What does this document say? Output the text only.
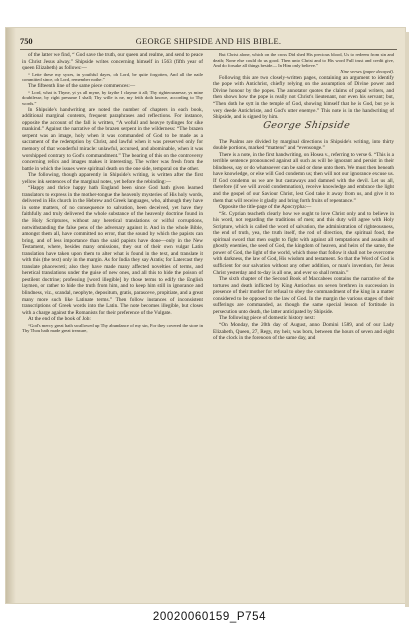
750	GEORGE SHIPSIDE AND HIS BIBLE.

of the latter we find, “ God save the truth, our queen and realme, and send to peace in Christ Jesus alway.” Shipside writes concerning himself in 1563 (fifth year of queen Elizabeth) as follows:—

“ Lette these my syxes, in youthful dayes, oh Lord, be quite forgotten, And all the naile committed since, oh Lord, remember nothe.”

The fifteenth line of the same piece commences:—

“ Lord, what is Thyne, yt ys all myne, by faythe I clayme it all; Thy righteousnesse, ys mine doubtlesse, by right presume I shall; Thy wille is ne, my feith doth knowe, according to Thy words.”

In Shipside's handwriting are noted the number of chapters in each book, additional marginal contents, frequent paraphrases and reflections. For instance, opposite the account of the fall is written, “A wofull and heavye tydinges for sike mankind.” Against the narrative of the brazen serpent in the wilderness: “The brazen serpent was an image, holy when it was commanded of God to be made as a sacrament of the redemption by Christ, and lawful when it was preserved only for memory of that wonderful miracle: unlawful, accursed, and abominable, when it was worshipped contrary to God's commandment.” The bearing of this on the controversy concerning relics and images makes it interesting. The writer was fresh from the battle in which the issues were spiritual death on the one side, temporal on the other.

The following, though apparently in Shipside's writing, is written after the first yellow ink sentences of the marginal notes, yet before the rebinding:—

“Happy and thrice happy hath England been since God hath given learned translators to express in the mother-tongue the heavenly mysteries of His holy words, delivered in His church in the Hebrew and Greek languages, who, although they have in some matters, of no consequence to salvation, been deceived, yet have they faithfully and truly delivered the whole substance of the heavenly doctrine found in the Holy Scriptures, without any heretical translations or wilful corruptions, notwithstanding the false pens of the adversary against it. And in the whole Bible, amongst them all, have committed no error, that the sound by which the papists can bring, and of less importance than the said papists have done—only in the New Testament, where, besides many omissions, they out of their own vulgar Latin translation have taken upon them to alter what is found in the text, and translate it with this (the text) only in the margin. As for India they say Aratis; for Latercast they translate phacewreti; also they have made many affected novelties of terms, and heretical translations under the guise of new ones, and all this to hide the poison of pestilent doctrine; professing [word illegible] by those terms to edify the English laymen, or rather to hide the truth from him, and to keep him still in ignorance and blindness, viz., scandal, neophyte, depositum, gratis, parasceve, propitiate, and a great many more such like Latinate terms.” Then follow instances of inconsistent transcriptions of Greek words into the Latin. The note becomes illegible, but closes with a charge against the Romanists for their preference of the Vulgate.

At the end of the book of Job:

“God's mercy great hath swallowed up Thy abundance of my sin, For they covered the store in Thy Thou hath made great treasure,

But Christ alone, which on the cross Did shed His precious blood, Us to redeem from sin and death; None else could do us good. Then unto Christ and to His word Full trust and credit give, And do forsake all things beside— In Him only believe.”

Nine verses (paper decayed).

Following this are two closely-written pages, containing an argument to identify the pope with Antichrist, chiefly relying on the assumption of Divine power and Divine honour by the popes. The annotator quotes the claims of papal writers, and then shows how the pope is really not Christ's lieutenant, nor even his servant; but, “Then doth he sytt in the temple of God, showing himself that he is God, but ye is very deede Antichriste, and God's utter enemye.” This note is in the handwriting of Shipside, and is signed by him.

George Shipside

The Psalms are divided by marginal directions in Shipside's writing, into thirty double portions, marked “mattens” and “evensonge.”

There is a note, in the first handwriting, on Hosea v., referring to verse 6. “This is a terrible sentence pronounced against all such as will be ignorant and persist in their blindness, say or do whatsoever can be said or done unto them. We must then beneath have knowledge, or else will God condemn us; then will not our ignorance excuse us. If God condemn us we are but castaways and damned with the devil. Let us all, therefore (if we will avoid condemnation), receive knowledge and embrace the light and the gospel of our Saviour Christ, lest God take it away from us, and give it to them that will receive it gladly and bring forth fruits of repentance.”

Opposite the title-page of the Apocrypha:—

“St. Cyprian teacheth clearly how we ought to love Christ only and to believe in his word, not regarding the traditions of men; and this duty will agree with Holy Scripture, which is called the word of salvation, the administration of righteousness, the end of truth, yea, the truth itself, the rod of direction, the spiritual food, the spiritual sword that men ought to fight with against all temptations and assaults of ghostly enemies, the seed of God, the kingdom of heaven, and heirs of the same, the power of God, the light of the world, which those that follow it shall not be overcome with darkness, the law of God, His wisdom and testament. So that the Word of God is sufficient for our salvation without any other addition, or man's invention, for Jesus Christ yesterday and to-day is all one, and ever so shall remain.”

The sixth chapter of the Second Book of Maccabees contains the narrative of the tortures and death inflicted by King Antiochus on seven brethren in succession in presence of their mother for refusal to obey the commandment of the king in a matter considered to be opposed to the law of God. In the margin the various stages of their sufferings are commanded, as though the same special lesson of fortitude in persecution unto death, the latter anticipated by Shipside.

The following piece of domestic history next:

“On Monday, the 20th day of August, anno Domini 1589, and of our Lady Elizabeth, Queen, 27, Regy, my heir, was born, between the hours of seven and eight of the clock in the forenoon of the same day, and

20020060159_P754
